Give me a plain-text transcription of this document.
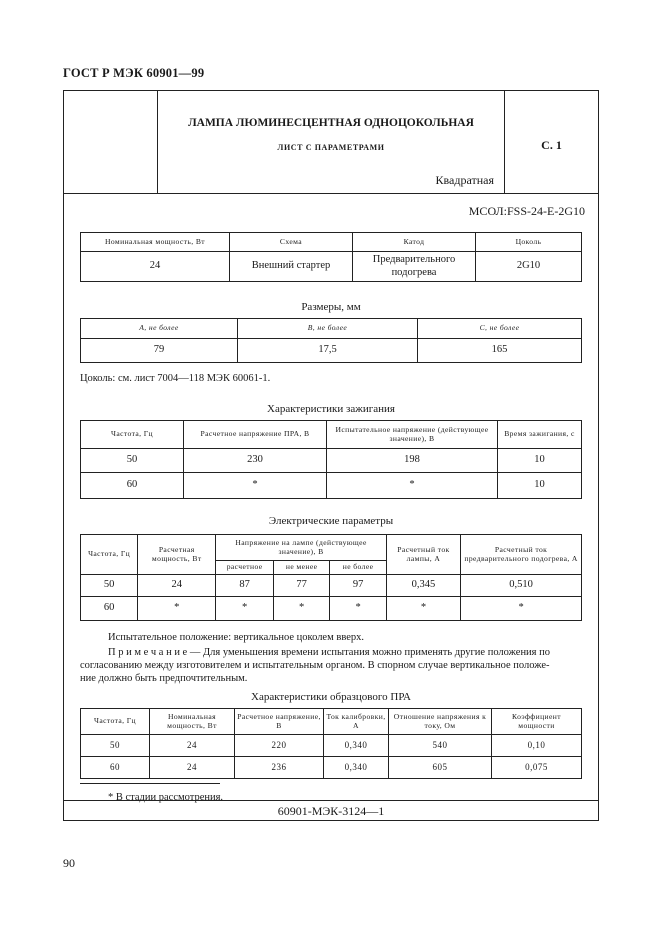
ГОСТ Р МЭК 60901—99
ЛАМПА ЛЮМИНЕСЦЕНТНАЯ ОДНОЦОКОЛЬНАЯ
ЛИСТ С ПАРАМЕТРАМИ
Квадратная
С. 1
МСОЛ:FSS-24-Е-2G10
Номинальная мощность, Вт	Схема	Катод	Цоколь
24	Внешний стартер	Предварительного подогрева	2G10
Размеры, мм
A, не более	B, не более	C, не более
79	17,5	165
Цоколь: см. лист 7004—118 МЭК 60061-1.
Характеристики зажигания
Частота, Гц	Расчетное напряжение ПРА, В	Испытательное напряжение (действующее значение), В	Время зажигания, с
50	230	198	10
60	*	*	10
Электрические параметры
Частота, Гц	Расчетная мощность, Вт	Напряжение на лампе (действующее значение), В			Расчетный ток лампы, А	Расчетный ток предварительного подогрева, А
		расчетное	не менее	не более		
50	24	87	77	97	0,345	0,510
60	*	*	*	*	*	*
Испытательное положение: вертикальное цоколем вверх.
П р и м е ч а н и е — Для уменьшения времени испытания можно применять другие положения по
согласованию между изготовителем и испытательным органом. В спорном случае вертикальное положе-
ние должно быть предпочтительным.
Характеристики образцового ПРА
Частота, Гц	Номинальная мощность, Вт	Расчетное напряжение, В	Ток калибровки, А	Отношение напряжения к току, Ом	Коэффициент мощности
50	24	220	0,340	540	0,10
60	24	236	0,340	605	0,075
* В стадии рассмотрения.
60901-МЭК-3124—1
90
